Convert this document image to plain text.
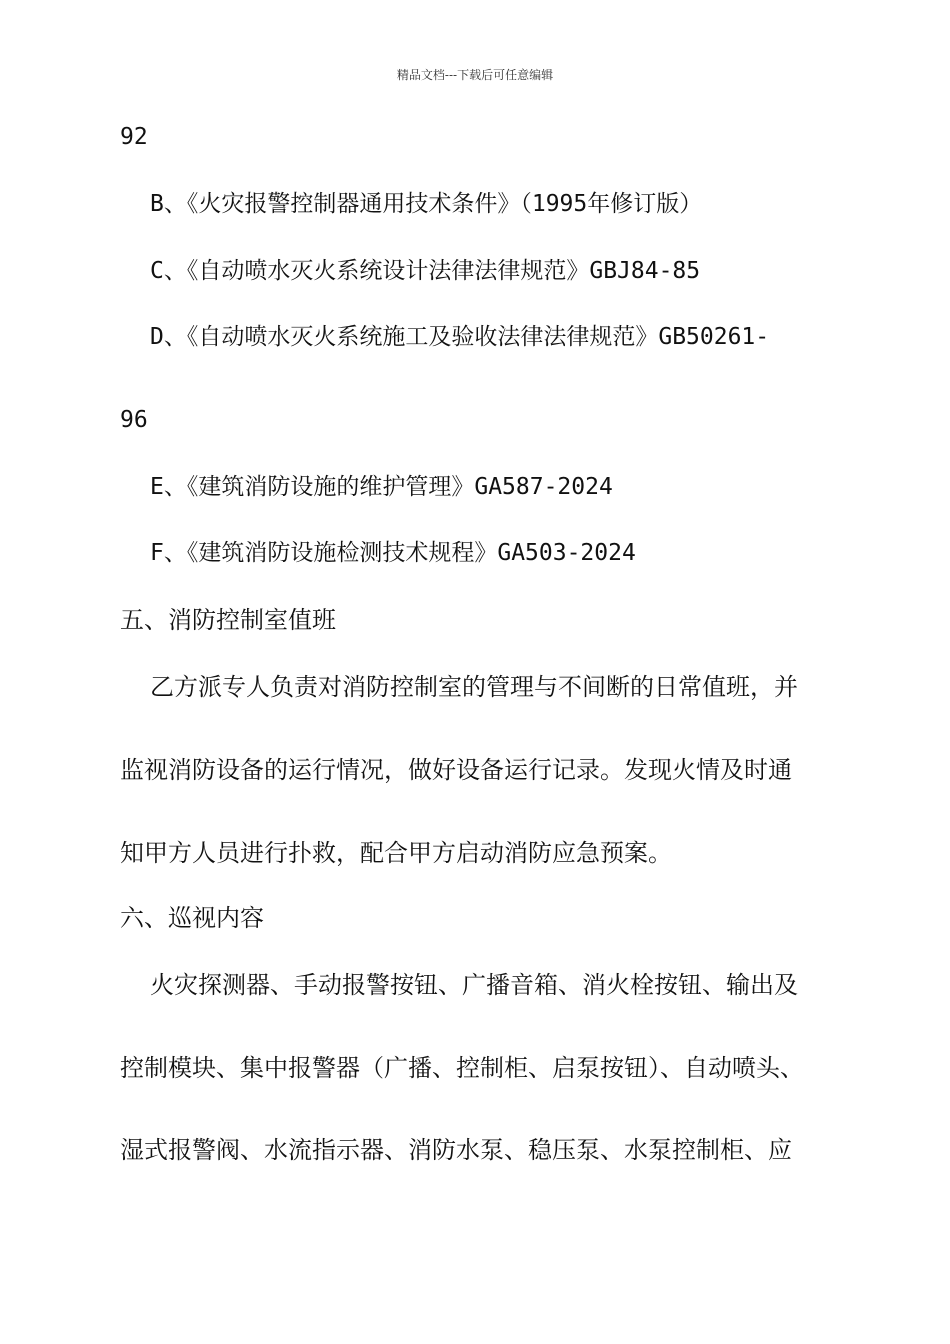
精品文档---下载后可任意编辑
92
B、《火灾报警控制器通用技术条件》（1995年修订版）
C、《自动喷水灭火系统设计法律法律规范》GBJ84-85
D、《自动喷水灭火系统施工及验收法律法律规范》GB50261-
96
E、《建筑消防设施的维护管理》GA587-2024
F、《建筑消防设施检测技术规程》GA503-2024
五、消防控制室值班
乙方派专人负责对消防控制室的管理与不间断的日常值班，并
监视消防设备的运行情况，做好设备运行记录。发现火情及时通
知甲方人员进行扑救，配合甲方启动消防应急预案。
六、巡视内容
火灾探测器、手动报警按钮、广播音箱、消火栓按钮、输出及
控制模块、集中报警器（广播、控制柜、启泵按钮）、自动喷头、
湿式报警阀、水流指示器、消防水泵、稳压泵、水泵控制柜、应
